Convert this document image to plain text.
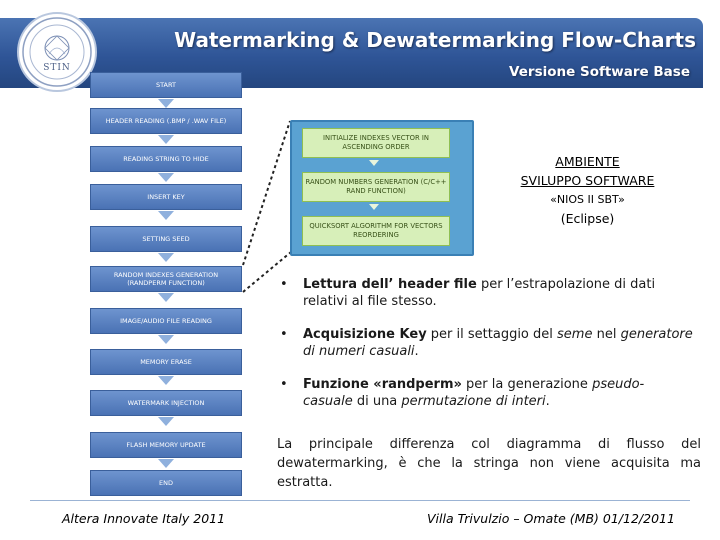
STIN
Watermarking & Dewatermarking Flow-Charts
Versione Software Base
START
HEADER READING (.BMP / .WAV FILE)
READING STRING TO HIDE
INSERT KEY
SETTING SEED
RANDOM INDEXES GENERATION (RANDPERM FUNCTION)
IMAGE/AUDIO FILE READING
MEMORY ERASE
WATERMARK INJECTION
FLASH MEMORY UPDATE
END
INITIALIZE INDEXES VECTOR IN ASCENDING ORDER
RANDOM NUMBERS GENERATION (C/C++ RAND FUNCTION)
QUICKSORT ALGORITHM FOR VECTORS REORDERING
AMBIENTE
SVILUPPO SOFTWARE
«NIOS II SBT»
(Eclipse)
• Lettura dell’ header file per l’estrapolazione di dati relativi al file stesso.
• Acquisizione Key per il settaggio del seme nel generatore di numeri casuali.
• Funzione «randperm» per la generazione pseudo-casuale di una permutazione di interi.
La principale differenza col diagramma di flusso del dewatermarking, è che la stringa non viene acquisita ma estratta.
Altera Innovate Italy 2011	Villa Trivulzio – Omate (MB) 01/12/2011
